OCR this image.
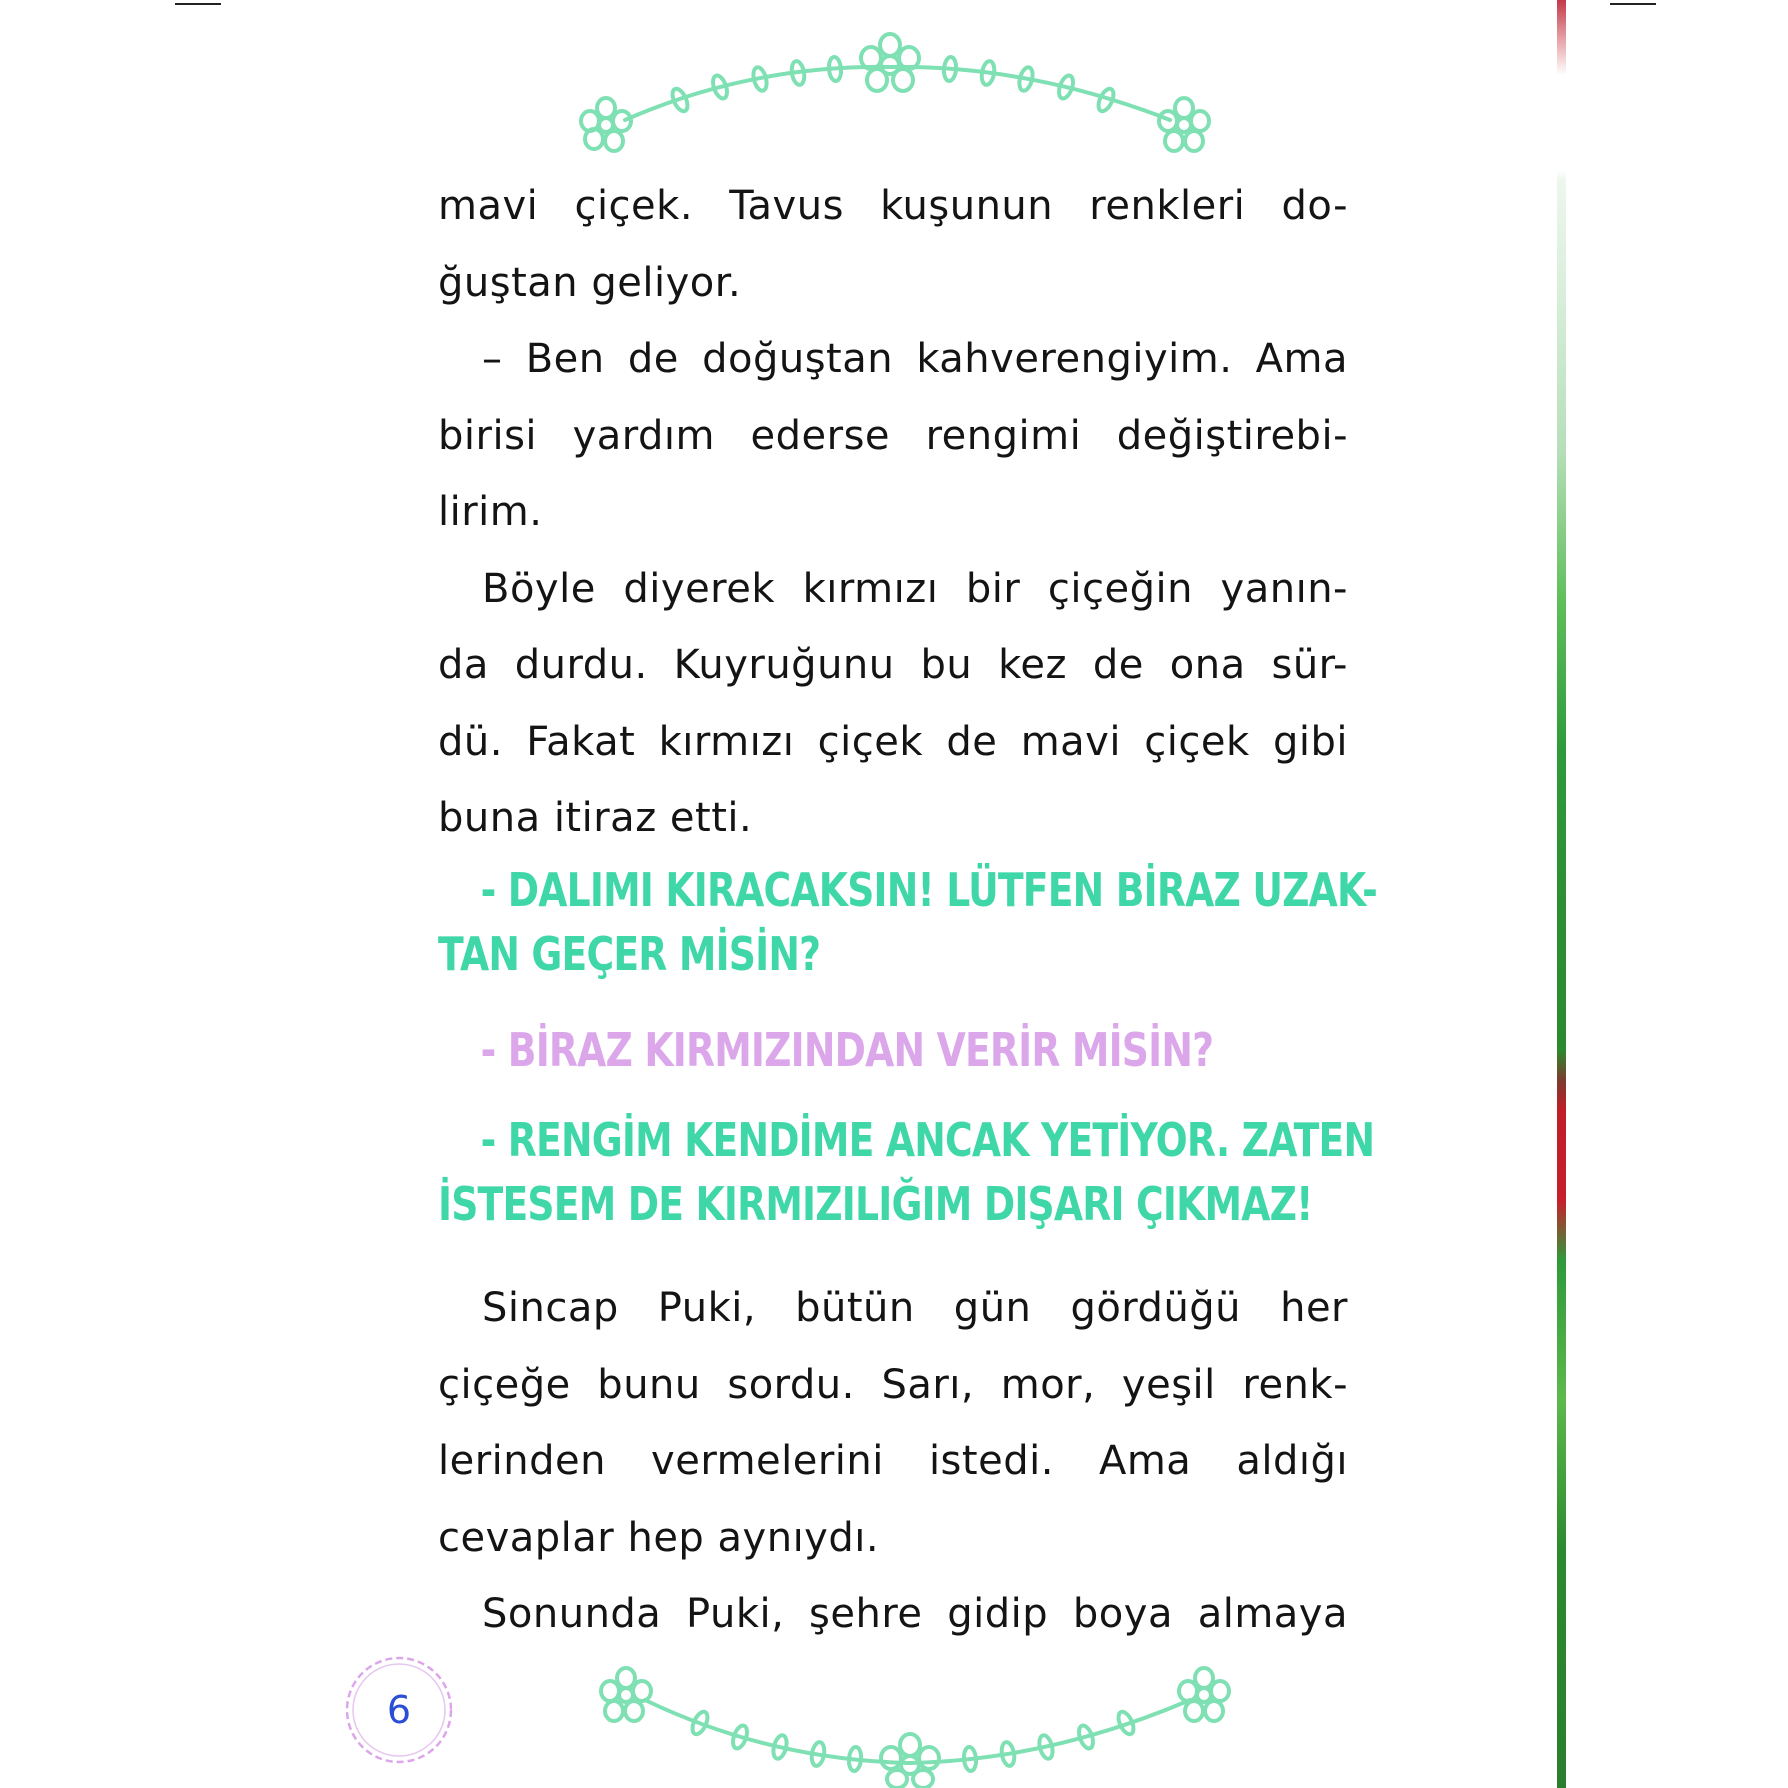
mavi çiçek. Tavus kuşunun renkleri do-
ğuştan geliyor.
– Ben de doğuştan kahverengiyim. Ama
birisi yardım ederse rengimi değiştirebi-
lirim.
Böyle diyerek kırmızı bir çiçeğin yanın-
da durdu. Kuyruğunu bu kez de ona sür-
dü. Fakat kırmızı çiçek de mavi çiçek gibi
buna itiraz etti.
- DALIMI KIRACAKSIN! LÜTFEN BİRAZ UZAK-
TAN GEÇER MİSİN?
- BİRAZ KIRMIZINDAN VERİR MİSİN?
- RENGİM KENDİME ANCAK YETİYOR. ZATEN
İSTESEM DE KIRMIZILIĞIM DIŞARI ÇIKMAZ!
Sincap Puki, bütün gün gördüğü her
çiçeğe bunu sordu. Sarı, mor, yeşil renk-
lerinden vermelerini istedi. Ama aldığı
cevaplar hep aynıydı.
Sonunda Puki, şehre gidip boya almaya
6
